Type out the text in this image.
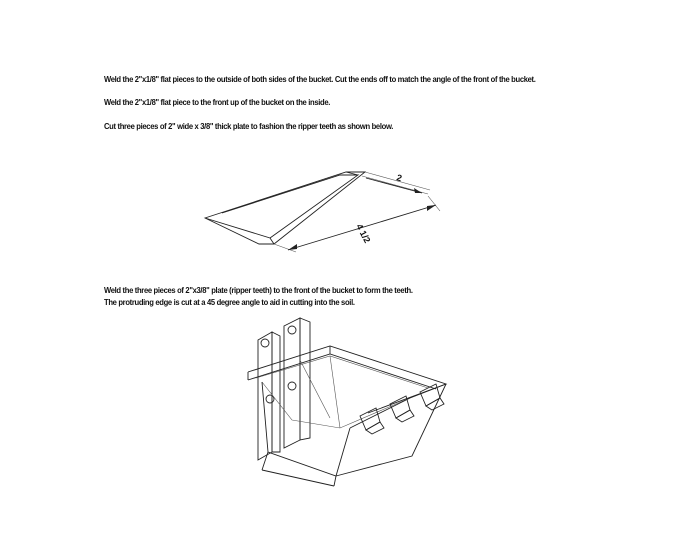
Weld the 2"x1/8" flat pieces to the outside of both sides of the bucket. Cut the ends off to match the angle of the front of the bucket.
Weld the 2"x1/8" flat piece to the front up of the bucket on the inside.
Cut three pieces of 2" wide x 3/8" thick plate to fashion the ripper teeth as shown below.
2
4 1/2
Weld the three pieces of 2"x3/8" plate (ripper teeth) to the front of the bucket to form the teeth.
The protruding edge is cut at a 45 degree angle to aid in cutting into the soil.
